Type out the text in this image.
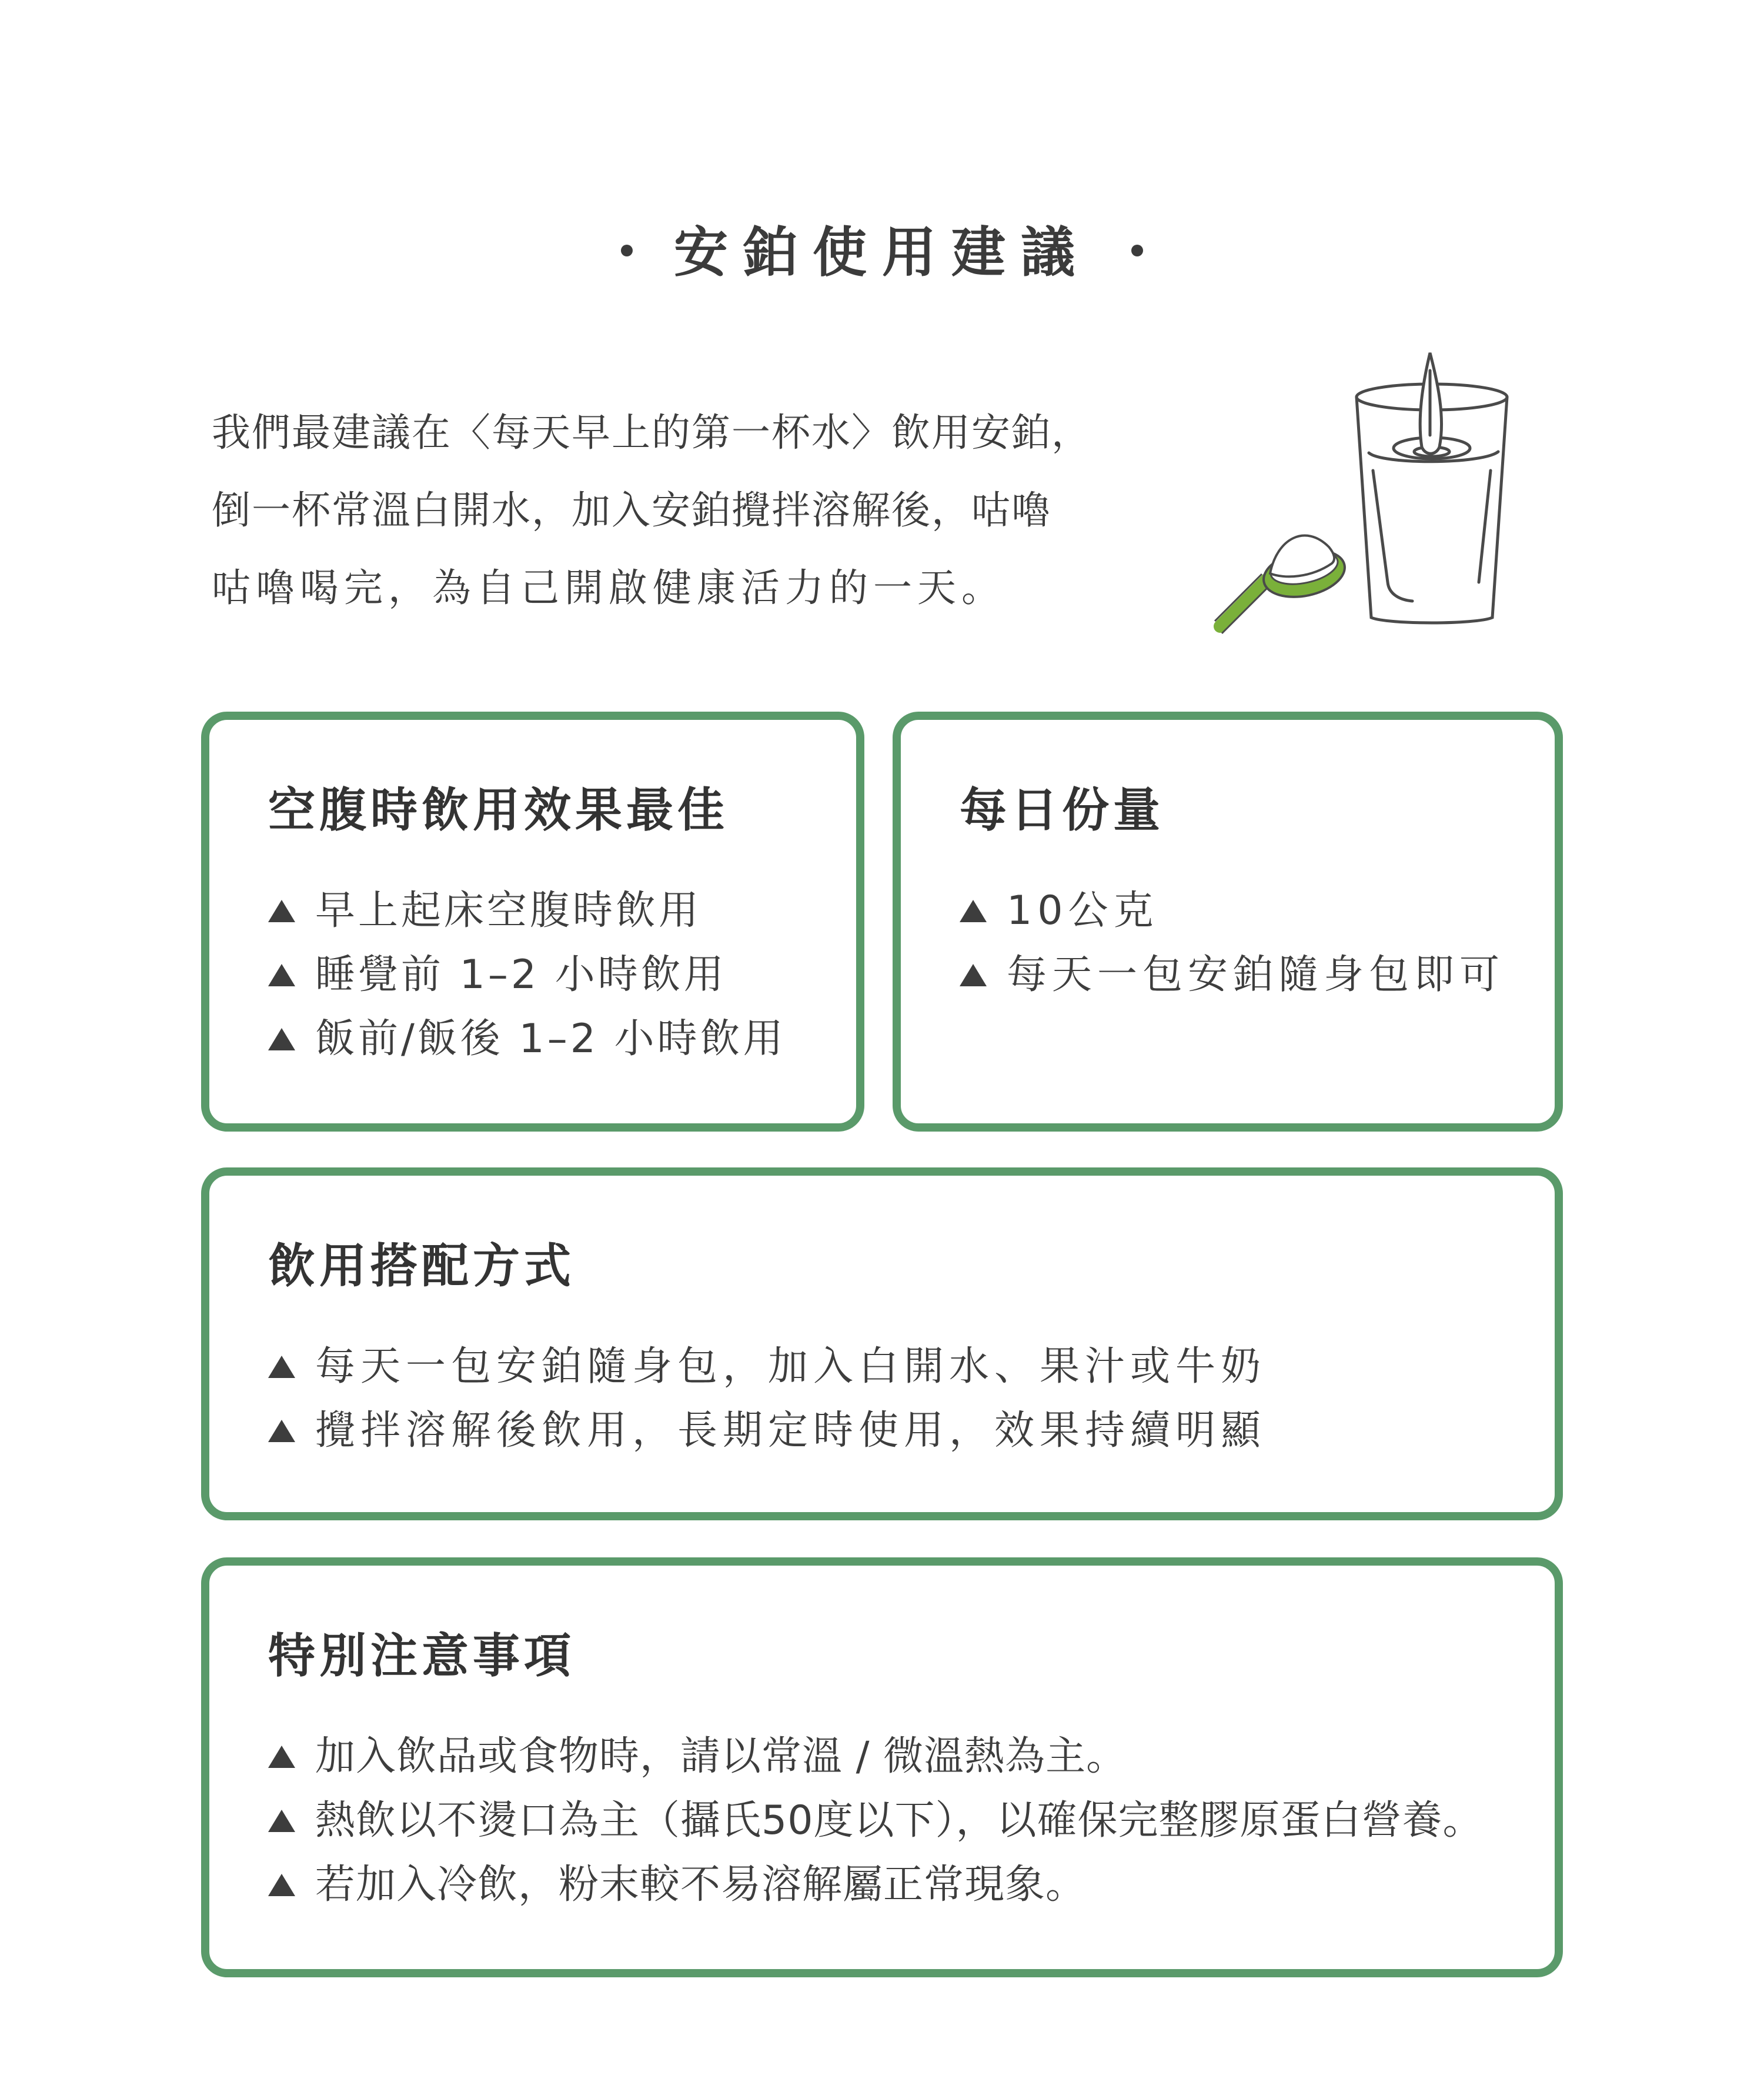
安鉑使用建議
我們最建議在〈每天早上的第一杯水〉飲用安鉑，
倒一杯常溫白開水，加入安鉑攪拌溶解後，咕嚕
咕嚕喝完，為自己開啟健康活力的一天。
空腹時飲用效果最佳
早上起床空腹時飲用
睡覺前 1–2 小時飲用
飯前/飯後 1–2 小時飲用
每日份量
10公克
每天一包安鉑隨身包即可
飲用搭配方式
每天一包安鉑隨身包，加入白開水、果汁或牛奶
攪拌溶解後飲用，長期定時使用，效果持續明顯
特別注意事項
加入飲品或食物時，請以常溫 / 微溫熱為主。
熱飲以不燙口為主（攝氏50度以下），以確保完整膠原蛋白營養。
若加入冷飲，粉末較不易溶解屬正常現象。
